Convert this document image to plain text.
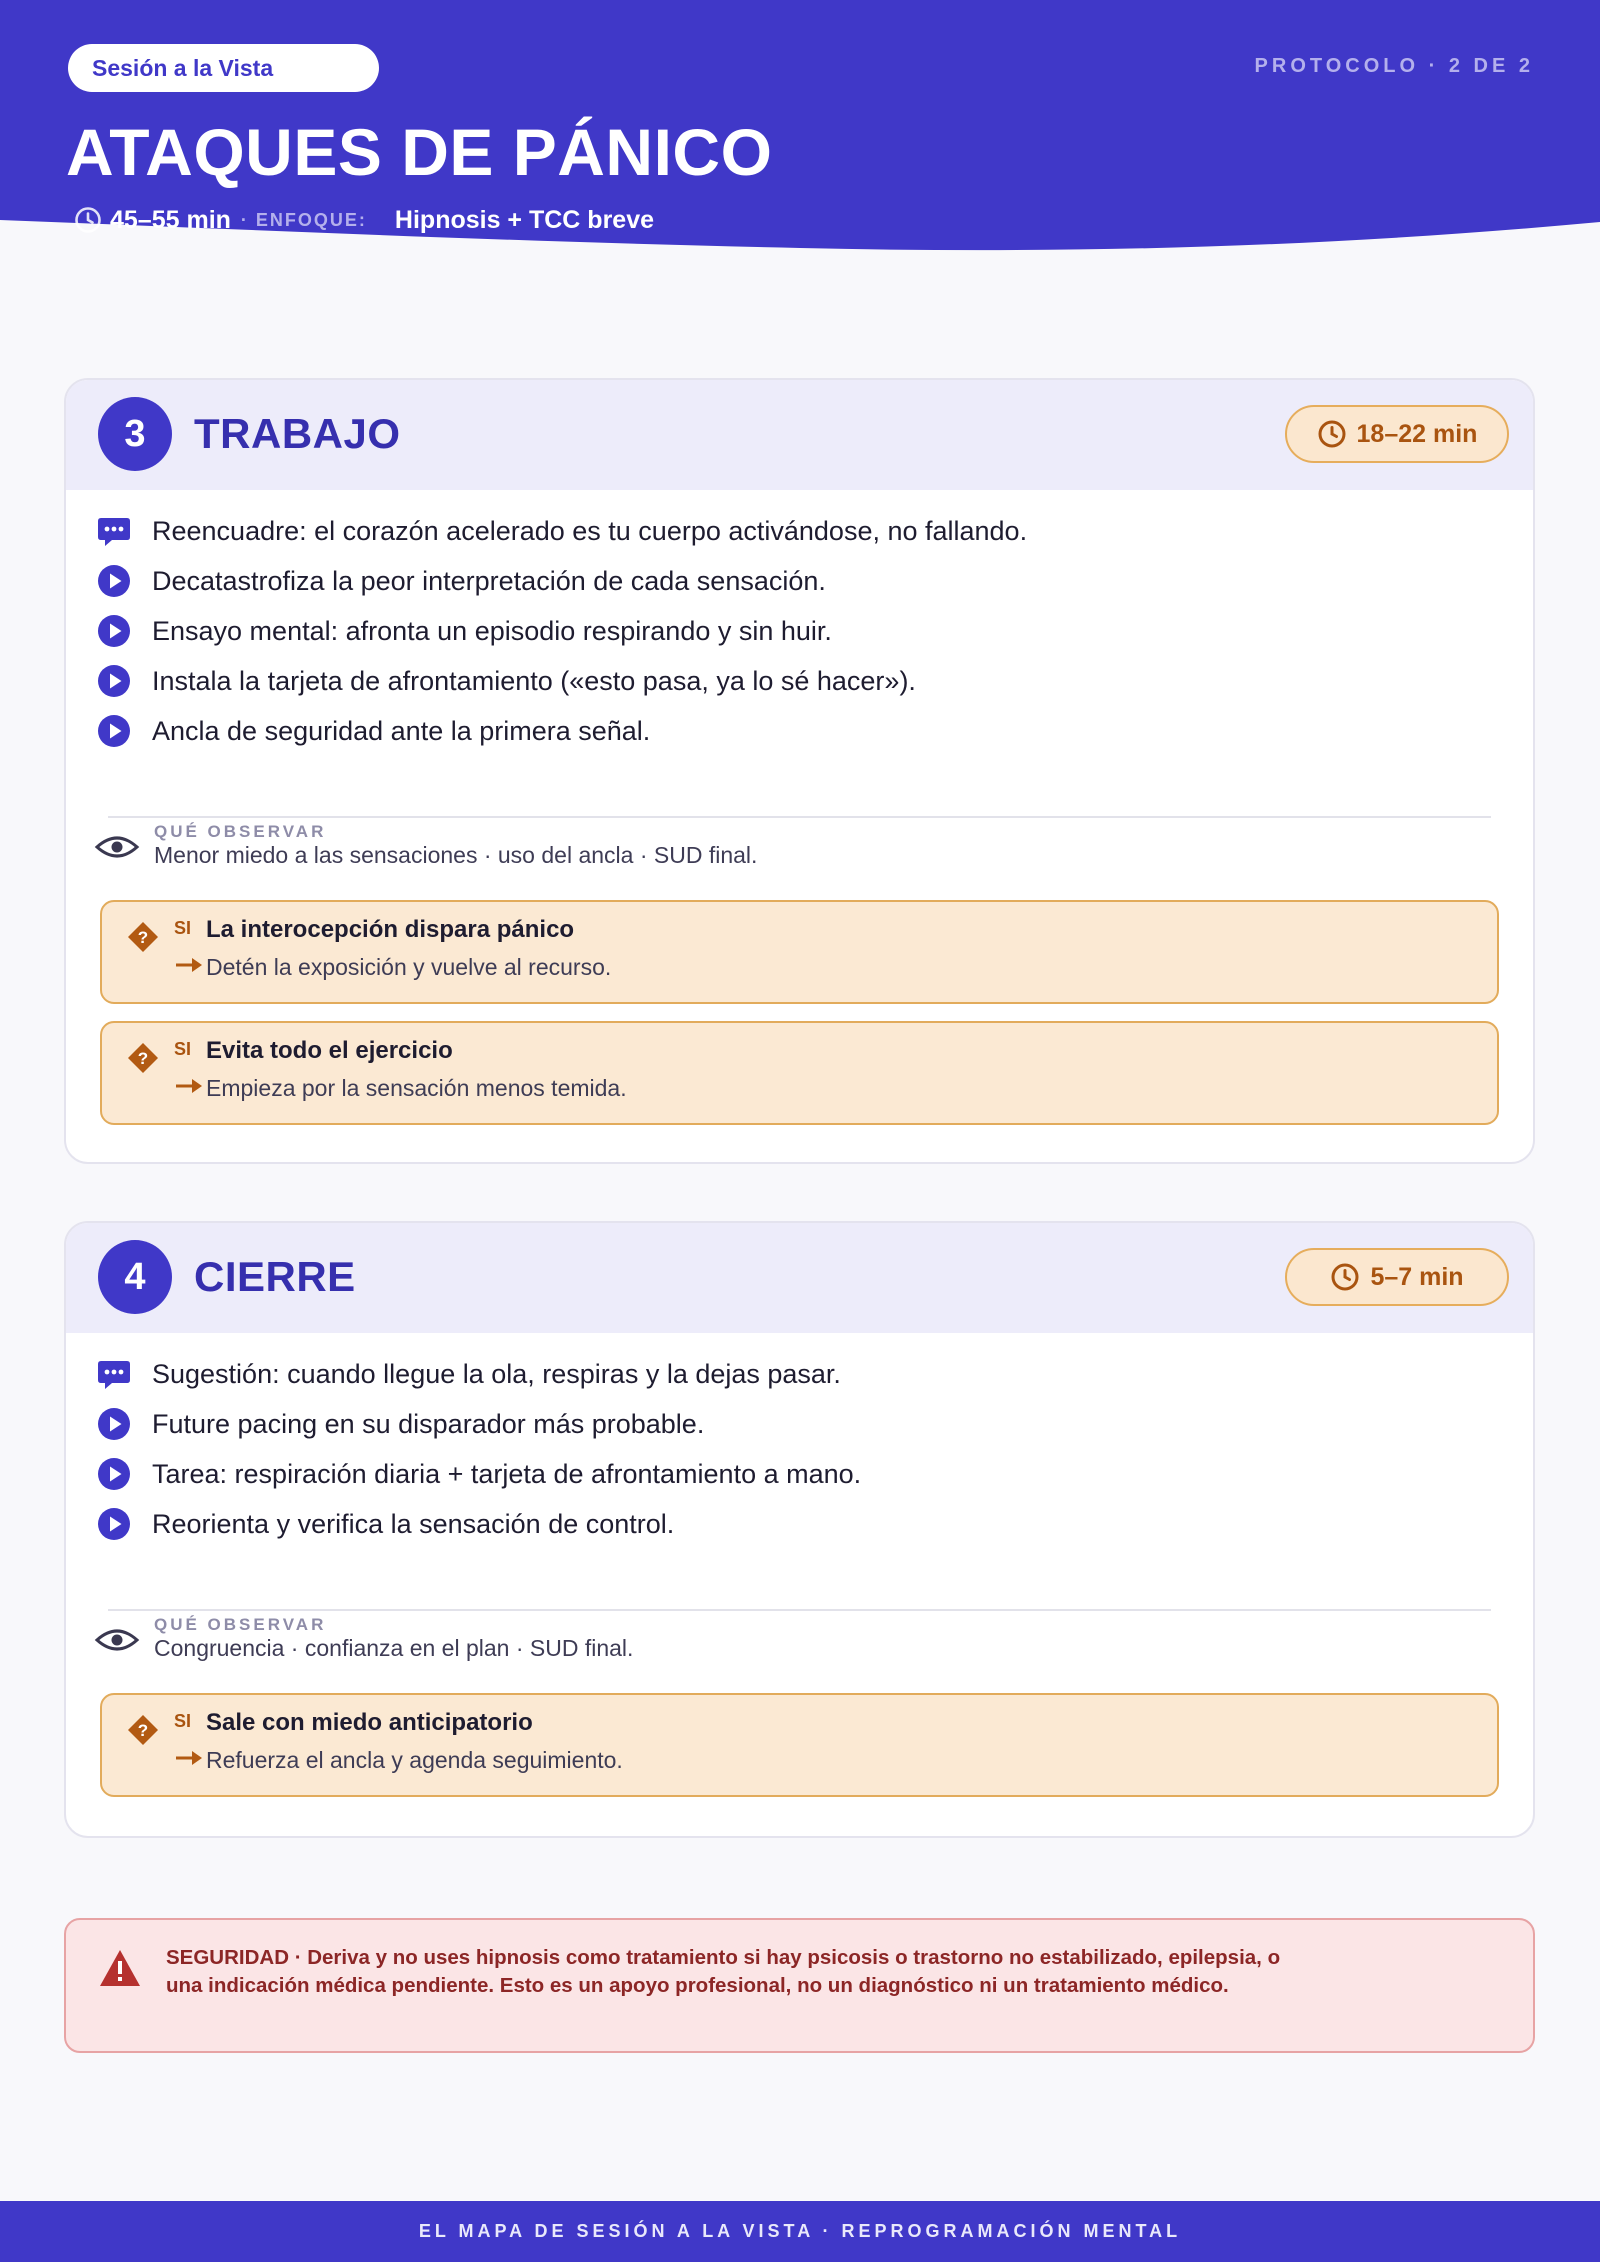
Sesión a la Vista	PROTOCOLO · 2 DE 2
ATAQUES DE PÁNICO
45–55 min · ENFOQUE: Hipnosis + TCC breve
3	TRABAJO	18–22 min
Reencuadre: el corazón acelerado es tu cuerpo activándose, no fallando.
Decatastrofiza la peor interpretación de cada sensación.
Ensayo mental: afronta un episodio respirando y sin huir.
Instala la tarjeta de afrontamiento («esto pasa, ya lo sé hacer»).
Ancla de seguridad ante la primera señal.
QUÉ OBSERVAR
Menor miedo a las sensaciones · uso del ancla · SUD final.
? SI La interocepción dispara pánico
Detén la exposición y vuelve al recurso.
? SI Evita todo el ejercicio
Empieza por la sensación menos temida.
4	CIERRE	5–7 min
Sugestión: cuando llegue la ola, respiras y la dejas pasar.
Future pacing en su disparador más probable.
Tarea: respiración diaria + tarjeta de afrontamiento a mano.
Reorienta y verifica la sensación de control.
QUÉ OBSERVAR
Congruencia · confianza en el plan · SUD final.
? SI Sale con miedo anticipatorio
Refuerza el ancla y agenda seguimiento.
SEGURIDAD · Deriva y no uses hipnosis como tratamiento si hay psicosis o trastorno no estabilizado, epilepsia, o una indicación médica pendiente. Esto es un apoyo profesional, no un diagnóstico ni un tratamiento médico.
EL MAPA DE SESIÓN A LA VISTA · REPROGRAMACIÓN MENTAL
